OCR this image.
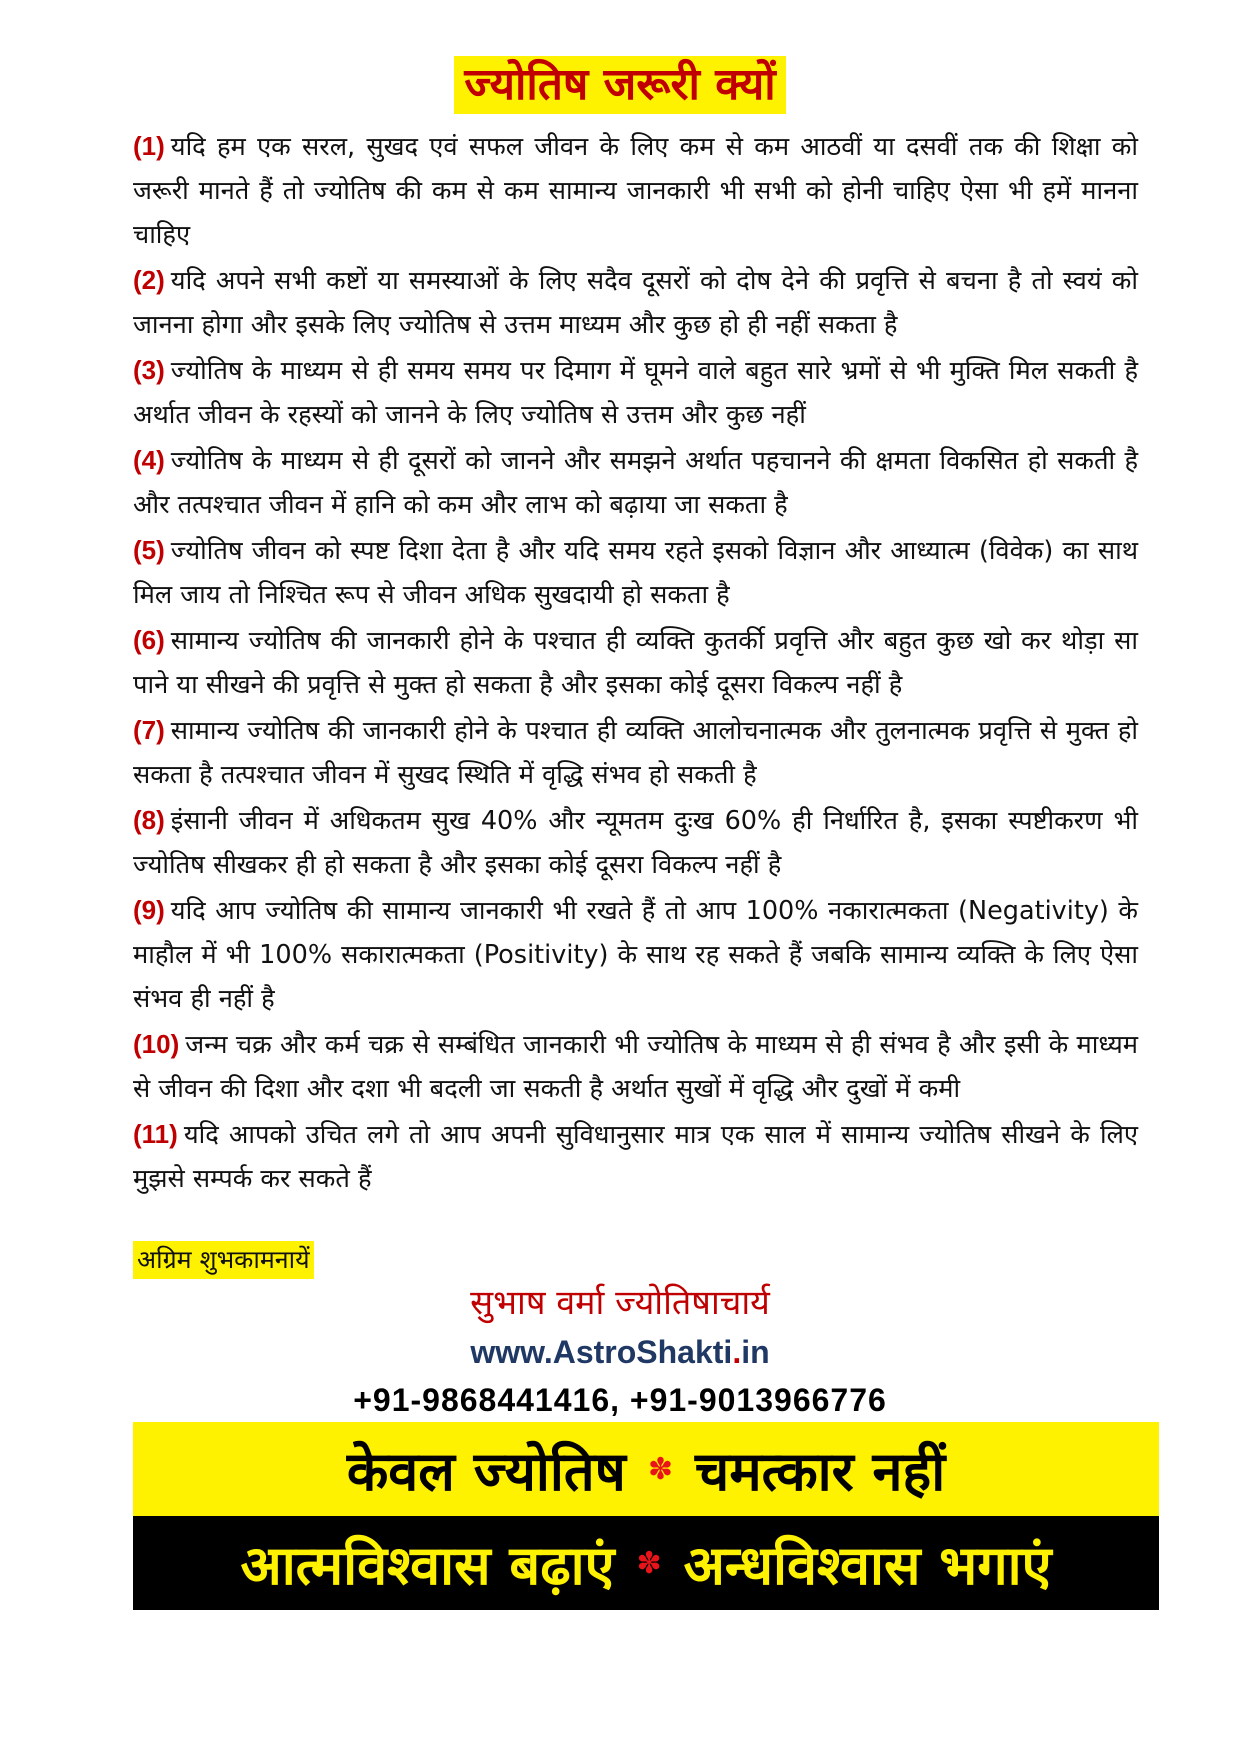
ज्योतिष जरूरी क्यों

(1) यदि हम एक सरल, सुखद एवं सफल जीवन के लिए कम से कम आठवीं या दसवीं तक की शिक्षा को जरूरी मानते हैं तो ज्योतिष की कम से कम सामान्य जानकारी भी सभी को होनी चाहिए ऐसा भी हमें मानना चाहिए

(2) यदि अपने सभी कष्टों या समस्याओं के लिए सदैव दूसरों को दोष देने की प्रवृत्ति से बचना है तो स्वयं को जानना होगा और इसके लिए ज्योतिष से उत्तम माध्यम और कुछ हो ही नहीं सकता है

(3) ज्योतिष के माध्यम से ही समय समय पर दिमाग में घूमने वाले बहुत सारे भ्रमों से भी मुक्ति मिल सकती है अर्थात जीवन के रहस्यों को जानने के लिए ज्योतिष से उत्तम और कुछ नहीं

(4) ज्योतिष के माध्यम से ही दूसरों को जानने और समझने अर्थात पहचानने की क्षमता विकसित हो सकती है और तत्पश्चात जीवन में हानि को कम और लाभ को बढ़ाया जा सकता है

(5) ज्योतिष जीवन को स्पष्ट दिशा देता है और यदि समय रहते इसको विज्ञान और आध्यात्म (विवेक) का साथ मिल जाय तो निश्चित रूप से जीवन अधिक सुखदायी हो सकता है

(6) सामान्य ज्योतिष की जानकारी होने के पश्चात ही व्यक्ति कुतर्की प्रवृत्ति और बहुत कुछ खो कर थोड़ा सा पाने या सीखने की प्रवृत्ति से मुक्त हो सकता है और इसका कोई दूसरा विकल्प नहीं है

(7) सामान्य ज्योतिष की जानकारी होने के पश्चात ही व्यक्ति आलोचनात्मक और तुलनात्मक प्रवृत्ति से मुक्त हो सकता है तत्पश्चात जीवन में सुखद स्थिति में वृद्धि संभव हो सकती है

(8) इंसानी जीवन में अधिकतम सुख 40% और न्यूमतम दुःख 60% ही निर्धारित है, इसका स्पष्टीकरण भी ज्योतिष सीखकर ही हो सकता है और इसका कोई दूसरा विकल्प नहीं है

(9) यदि आप ज्योतिष की सामान्य जानकारी भी रखते हैं तो आप 100% नकारात्मकता (Negativity) के माहौल में भी 100% सकारात्मकता (Positivity) के साथ रह सकते हैं जबकि सामान्य व्यक्ति के लिए ऐसा संभव ही नहीं है

(10) जन्म चक्र और कर्म चक्र से सम्बंधित जानकारी भी ज्योतिष के माध्यम से ही संभव है और इसी के माध्यम से जीवन की दिशा और दशा भी बदली जा सकती है अर्थात सुखों में वृद्धि और दुखों में कमी

(11) यदि आपको उचित लगे तो आप अपनी सुविधानुसार मात्र एक साल में सामान्य ज्योतिष सीखने के लिए मुझसे सम्पर्क कर सकते हैं

अग्रिम शुभकामनायें
सुभाष वर्मा ज्योतिषाचार्य
www.AstroShakti.in
+91-9868441416, +91-9013966776
केवल ज्योतिष ✽ चमत्कार नहीं
आत्मविश्वास बढ़ाएं ✽ अन्धविश्वास भगाएं
